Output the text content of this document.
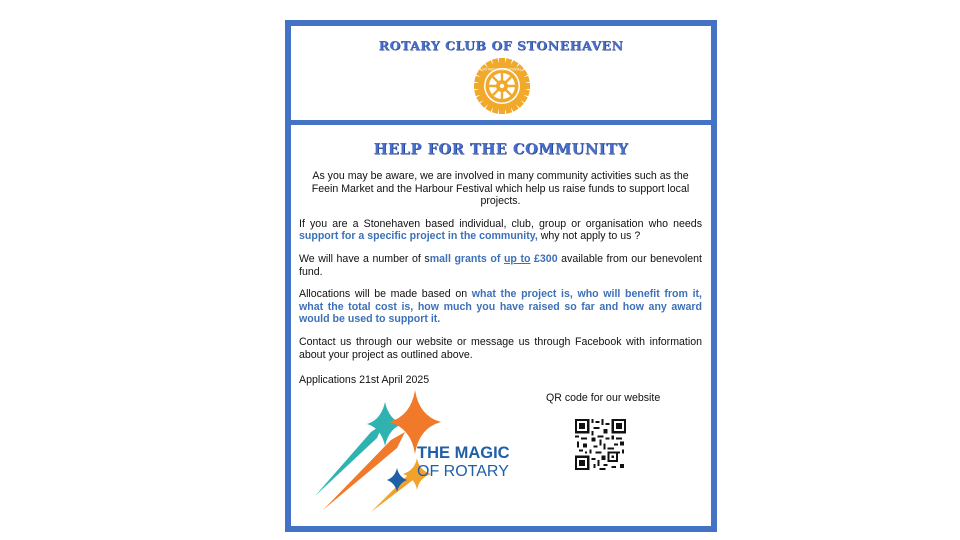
ROTARY CLUB OF STONEHAVEN
ROTARY INTERNATIONAL
HELP FOR THE COMMUNITY

As you may be aware, we are involved in many community activities such as the Feein Market and the Harbour Festival which help us raise funds to support local projects.

If you are a Stonehaven based individual, club, group or organisation who needs support for a specific project in the community, why not apply to us ?

We will have a number of small grants of up to £300 available from our benevolent fund.

Allocations will be made based on what the project is, who will benefit from it, what the total cost is, how much you have raised so far and how any award would be used to support it.

Contact us through our website or message us through Facebook with information about your project as outlined above.

Applications 21st April 2025
THE MAGIC
OF ROTARY
QR code for our website
